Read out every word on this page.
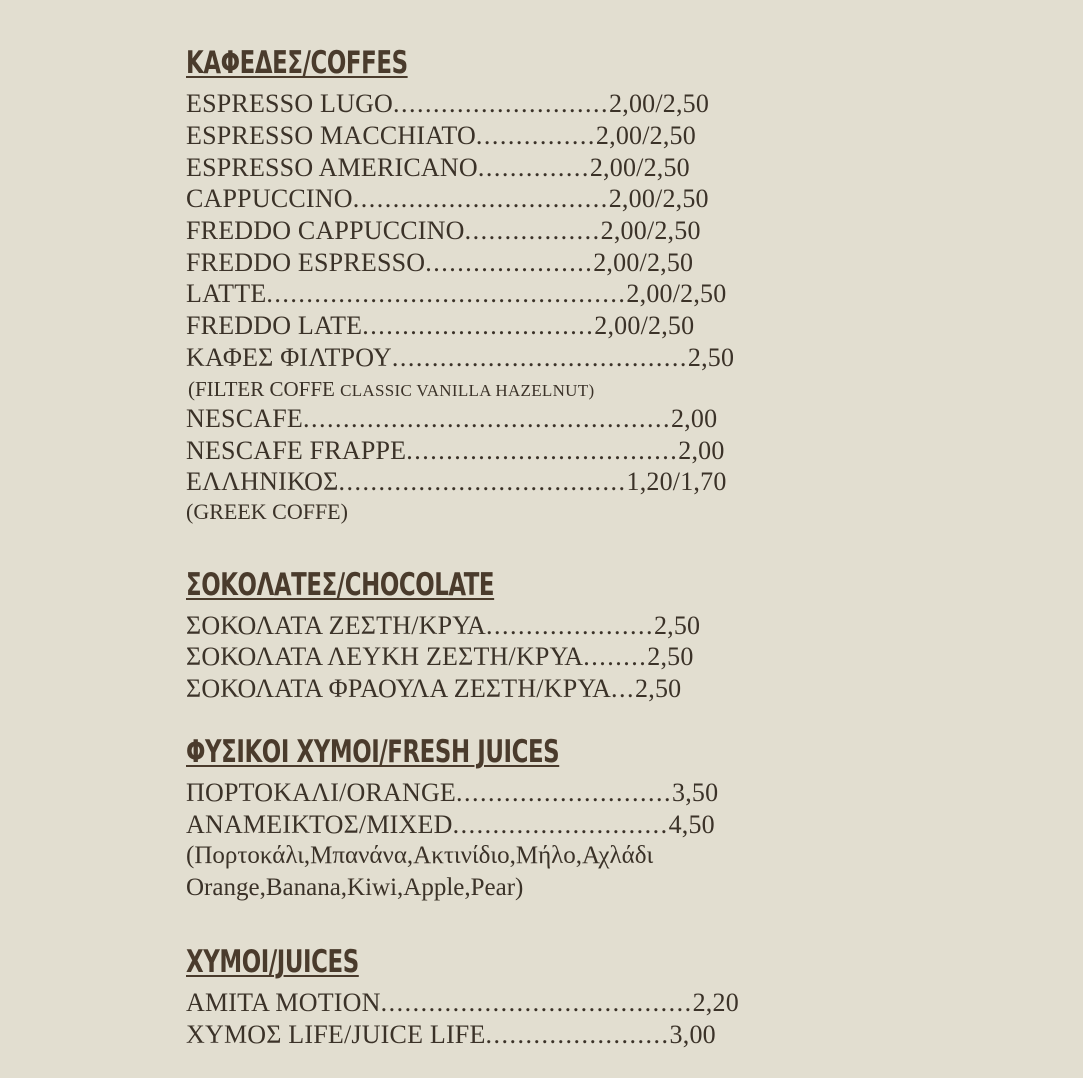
ΚΑΦΕΔΕΣ/COFFES
ESPRESSO LUGO ........................... 2,00/2,50
ESPRESSO MACCHIATO ............... 2,00/2,50
ESPRESSO AMERICANO .............. 2,00/2,50
CAPPUCCINO ................................ 2,00/2,50
FREDDO CAPPUCCINO ................. 2,00/2,50
FREDDO ESPRESSO ..................... 2,00/2,50
LATTE ............................................. 2,00/2,50
FREDDO LATE ............................. 2,00/2,50
ΚΑΦΕΣ ΦΙΛΤΡΟΥ ..................................... 2,50
(FILTER COFFE CLASSIC VANILLA HAZELNUT)
NESCAFE .............................................. 2,00
NESCAFE FRAPPE .................................. 2,00
ΕΛΛΗΝΙΚΟΣ .................................... 1,20/1,70
(GREEK COFFE)
ΣΟΚΟΛΑΤΕΣ/CHOCOLATE
ΣΟΚΟΛΑΤΑ ΖΕΣΤΗ/ΚΡΥΑ ..................... 2,50
ΣΟΚΟΛΑΤΑ ΛΕΥΚΗ ΖΕΣΤΗ/ΚΡΥΑ ........ 2,50
ΣΟΚΟΛΑΤΑ ΦΡΑΟΥΛΑ ΖΕΣΤΗ/ΚΡΥΑ ... 2,50
ΦΥΣΙΚΟΙ ΧΥΜΟΙ/FRESH JUICES
ΠΟΡΤΟΚΑΛΙ/ORANGE ........................... 3,50
ΑΝΑΜΕΙΚΤΟΣ/MIXED ........................... 4,50
(Πορτοκάλι,Μπανάνα,Ακτινίδιο,Μήλο,Αχλάδι
Orange,Banana,Kiwi,Apple,Pear)
ΧΥΜΟΙ/JUICES
AMITA MOTION ....................................... 2,20
ΧΥΜΟΣ LIFE/JUICE LIFE ....................... 3,00
